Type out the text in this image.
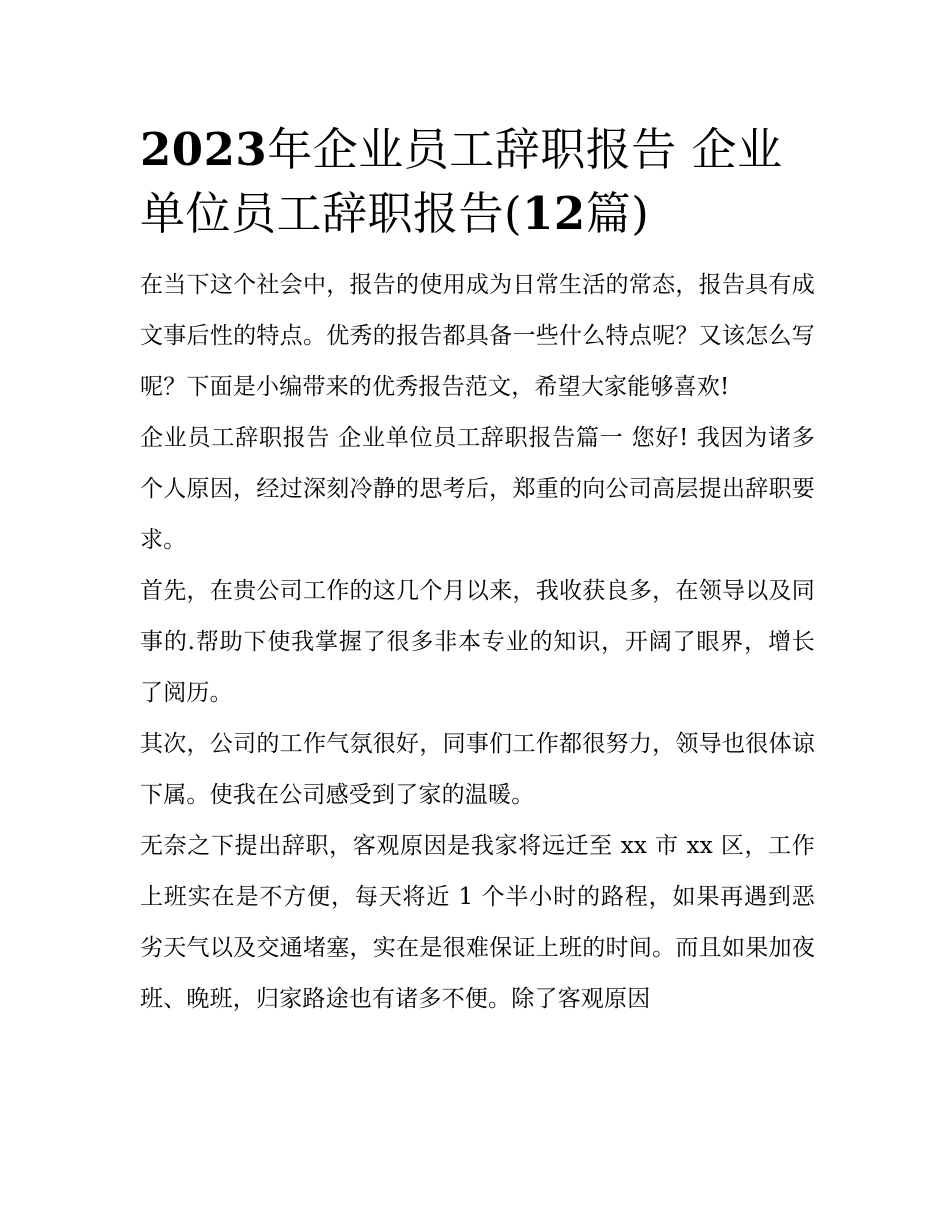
2023年企业员工辞职报告 企业单位员工辞职报告(12篇)

在当下这个社会中，报告的使用成为日常生活的常态，报告具有成文事后性的特点。优秀的报告都具备一些什么特点呢？又该怎么写呢？下面是小编带来的优秀报告范文，希望大家能够喜欢!

企业员工辞职报告 企业单位员工辞职报告篇一 您好! 我因为诸多个人原因，经过深刻冷静的思考后，郑重的向公司高层提出辞职要求。

首先，在贵公司工作的这几个月以来，我收获良多，在领导以及同事的.帮助下使我掌握了很多非本专业的知识，开阔了眼界，增长了阅历。

其次，公司的工作气氛很好，同事们工作都很努力，领导也很体谅下属。使我在公司感受到了家的温暖。

无奈之下提出辞职，客观原因是我家将远迁至 xx 市 xx 区，工作上班实在是不方便，每天将近 1 个半小时的路程，如果再遇到恶劣天气以及交通堵塞，实在是很难保证上班的时间。而且如果加夜班、晚班，归家路途也有诸多不便。除了客观原因
